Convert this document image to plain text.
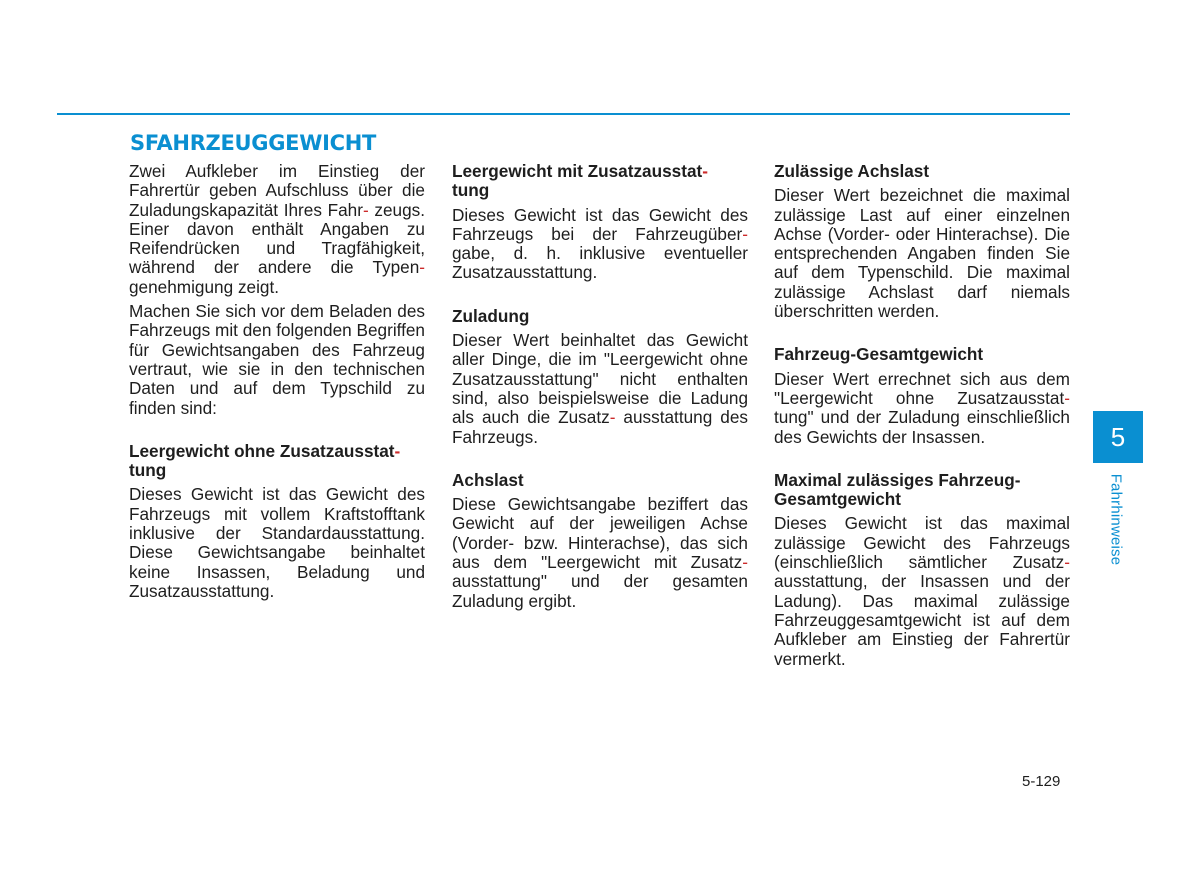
SFAHRZEUGGEWICHT

Zwei Aufkleber im Einstieg der Fahrertür geben Aufschluss über die Zuladungskapazität Ihres Fahr- zeugs. Einer davon enthält Angaben zu Reifendrücken und Tragfähigkeit, während der andere die Typen- genehmigung zeigt.

Machen Sie sich vor dem Beladen des Fahrzeugs mit den folgenden Begriffen für Gewichtsangaben des Fahrzeug vertraut, wie sie in den technischen Daten und auf dem Typschild zu finden sind:

Leergewicht ohne Zusatzausstat-
tung

Dieses Gewicht ist das Gewicht des Fahrzeugs mit vollem Kraftstofftank inklusive der Standardausstattung. Diese Gewichtsangabe beinhaltet keine Insassen, Beladung und Zusatzausstattung.

Leergewicht mit Zusatzausstat-
tung

Dieses Gewicht ist das Gewicht des Fahrzeugs bei der Fahrzeugüber- gabe, d. h. inklusive eventueller Zusatzausstattung.

Zuladung

Dieser Wert beinhaltet das Gewicht aller Dinge, die im "Leergewicht ohne Zusatzausstattung" nicht enthalten sind, also beispielsweise die Ladung als auch die Zusatz- ausstattung des Fahrzeugs.

Achslast

Diese Gewichtsangabe beziffert das Gewicht auf der jeweiligen Achse (Vorder- bzw. Hinterachse), das sich aus dem "Leergewicht mit Zusatz- ausstattung" und der gesamten Zuladung ergibt.

Zulässige Achslast

Dieser Wert bezeichnet die maximal zulässige Last auf einer einzelnen Achse (Vorder- oder Hinterachse). Die entsprechenden Angaben finden Sie auf dem Typenschild. Die maximal zulässige Achslast darf niemals überschritten werden.

Fahrzeug-Gesamtgewicht

Dieser Wert errechnet sich aus dem "Leergewicht ohne Zusatzausstat- tung" und der Zuladung einschließlich des Gewichts der Insassen.

Maximal zulässiges Fahrzeug-Gesamtgewicht

Dieses Gewicht ist das maximal zulässige Gewicht des Fahrzeugs (einschließlich sämtlicher Zusatz- ausstattung, der Insassen und der Ladung). Das maximal zulässige Fahrzeuggesamtgewicht ist auf dem Aufkleber am Einstieg der Fahrertür vermerkt.

5
Fahrhinweise
5-129
